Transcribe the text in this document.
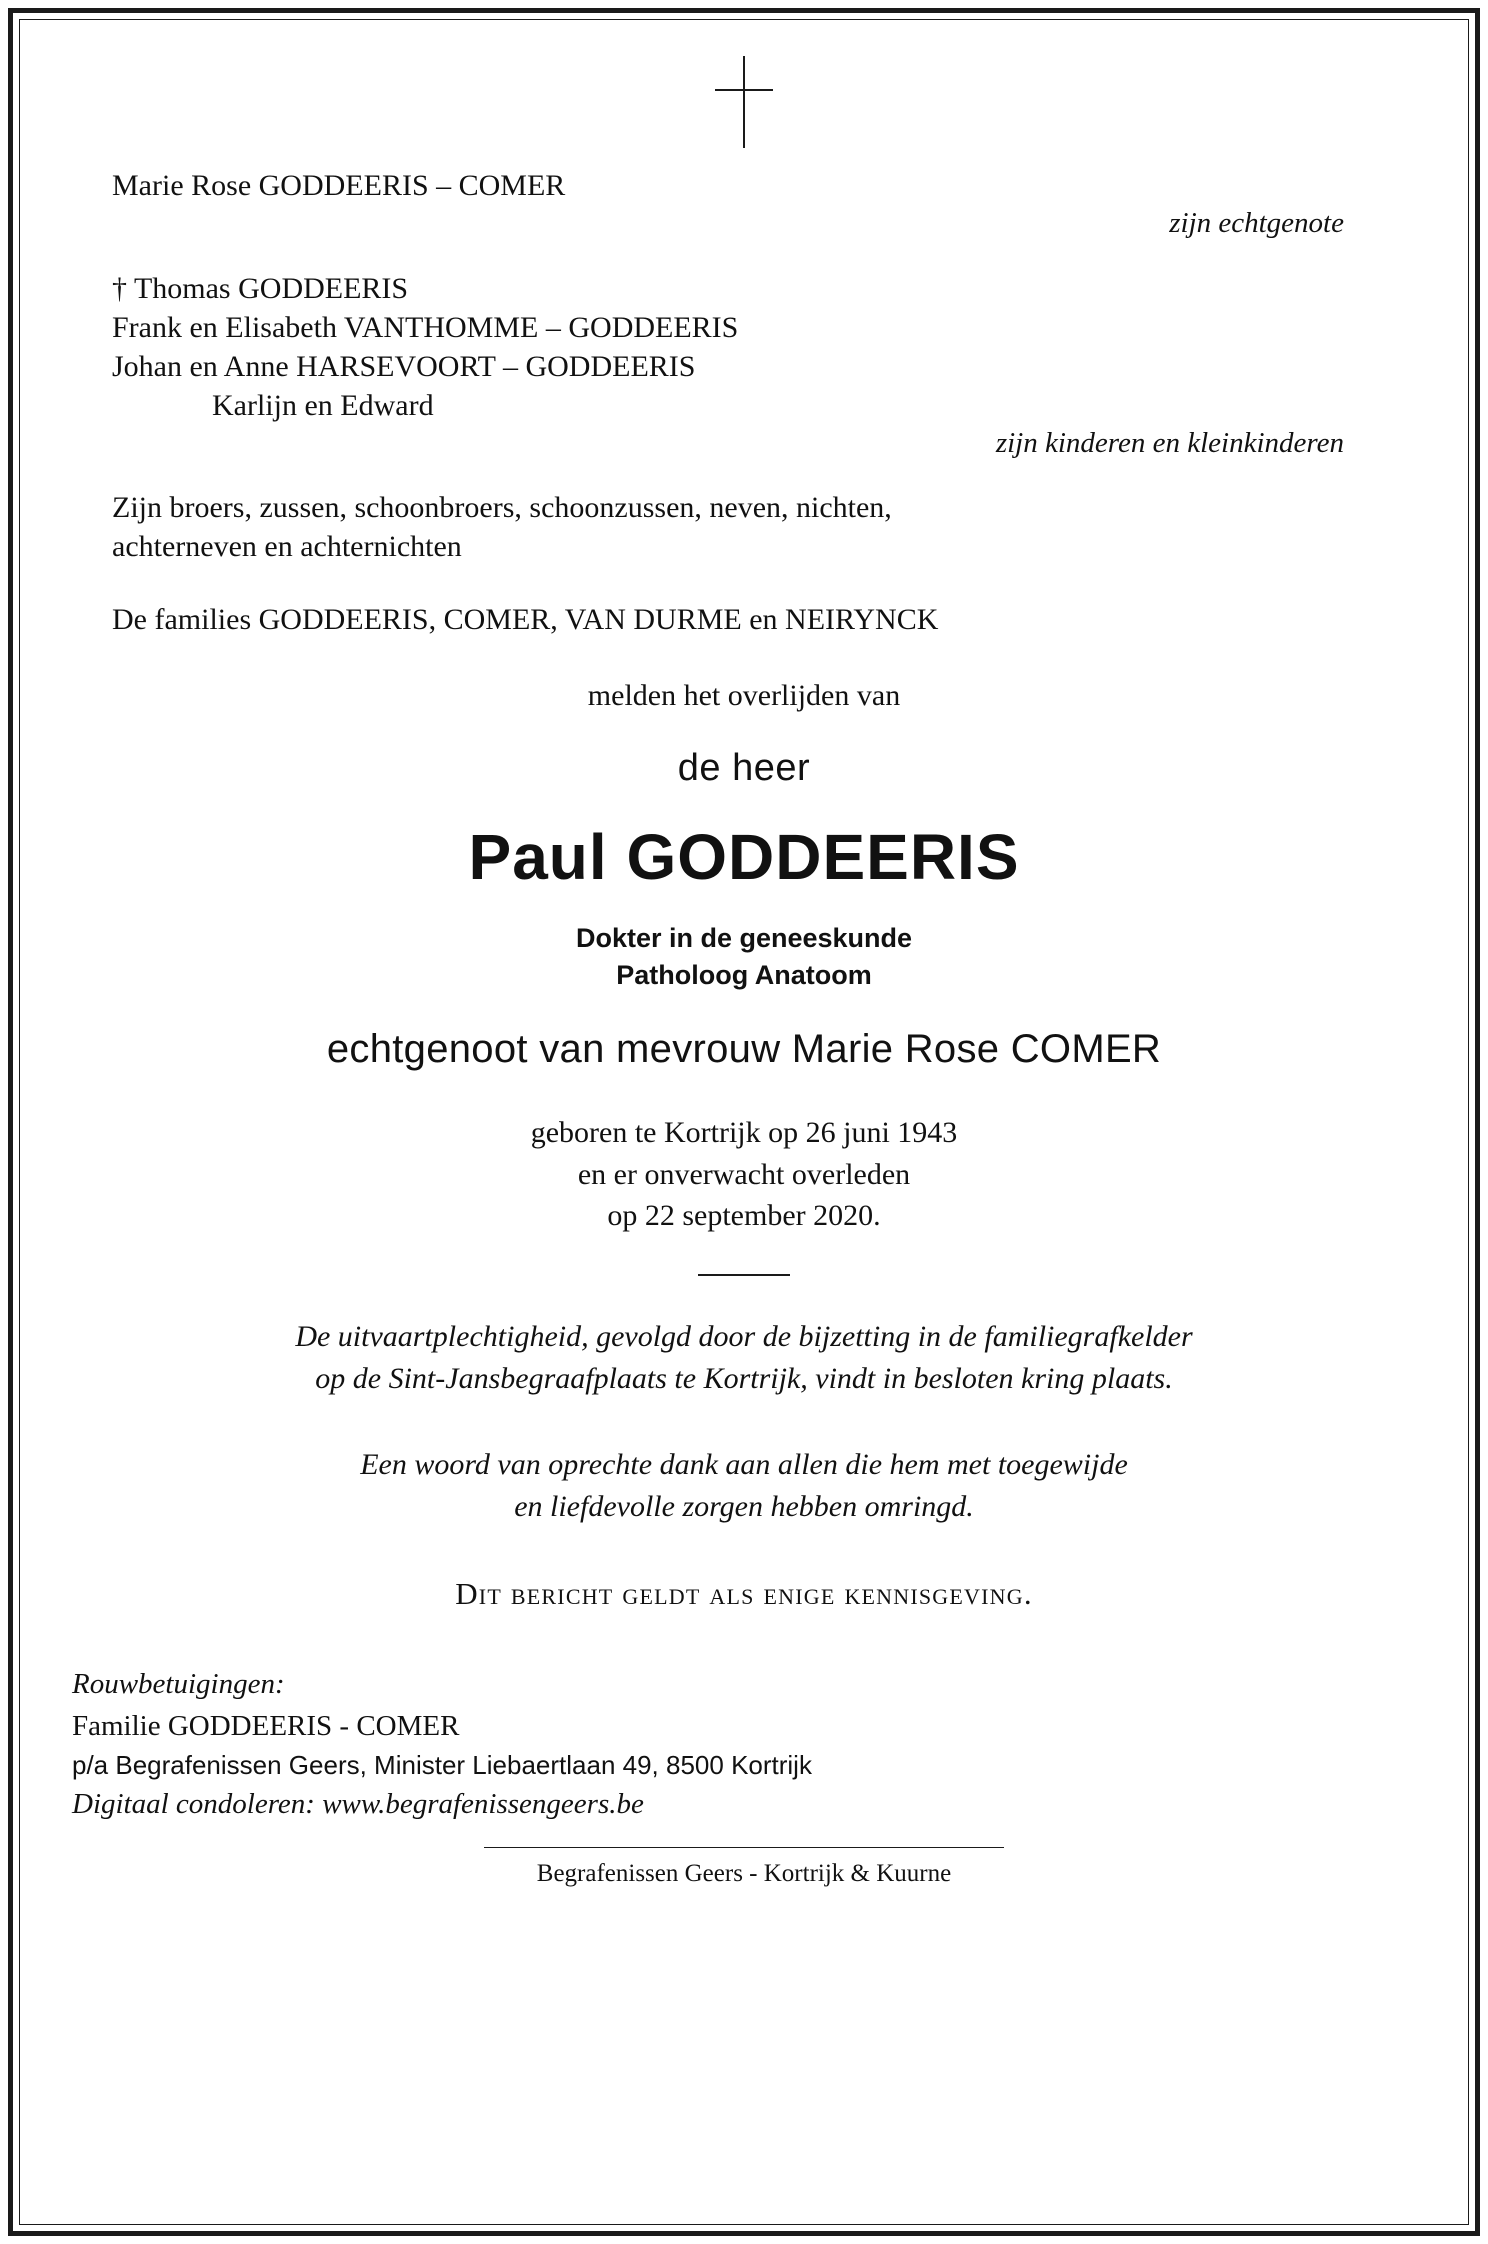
Marie Rose GODDEERIS – COMER
zijn echtgenote
† Thomas GODDEERIS
Frank en Elisabeth VANTHOMME – GODDEERIS
Johan en Anne HARSEVOORT – GODDEERIS
Karlijn en Edward
zijn kinderen en kleinkinderen
Zijn broers, zussen, schoonbroers, schoonzussen, neven, nichten,
achterneven en achternichten
De families GODDEERIS, COMER, VAN DURME en NEIRYNCK
melden het overlijden van
de heer
Paul GODDEERIS
Dokter in de geneeskunde
Patholoog Anatoom
echtgenoot van mevrouw Marie Rose COMER
geboren te Kortrijk op 26 juni 1943
en er onverwacht overleden
op 22 september 2020.
De uitvaartplechtigheid, gevolgd door de bijzetting in de familiegrafkelder
op de Sint-Jansbegraafplaats te Kortrijk, vindt in besloten kring plaats.
Een woord van oprechte dank aan allen die hem met toegewijde
en liefdevolle zorgen hebben omringd.
Dit bericht geldt als enige kennisgeving.
Rouwbetuigingen:
Familie GODDEERIS - COMER
p/a Begrafenissen Geers, Minister Liebaertlaan 49, 8500 Kortrijk
Digitaal condoleren: www.begrafenissengeers.be
Begrafenissen Geers - Kortrijk & Kuurne
